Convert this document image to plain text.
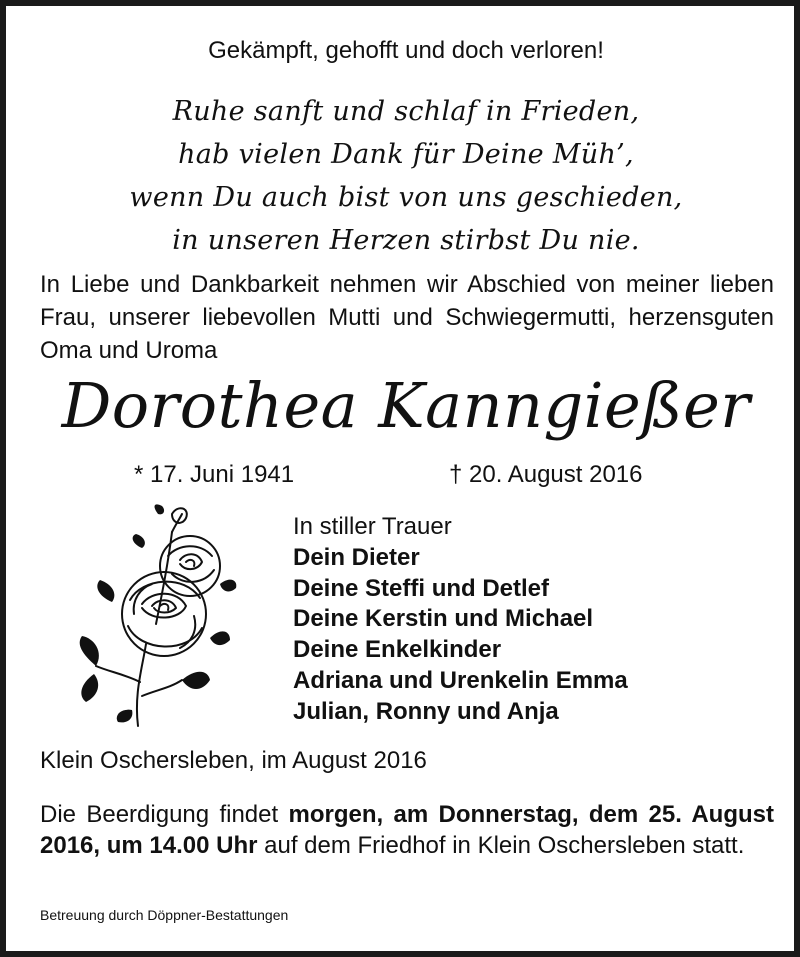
Gekämpft, gehofft und doch verloren!
Ruhe sanft und schlaf in Frieden,
hab vielen Dank für Deine Müh’,
wenn Du auch bist von uns geschieden,
in unseren Herzen stirbst Du nie.
In Liebe und Dankbarkeit nehmen wir Abschied von meiner lieben Frau, unserer liebevollen Mutti und Schwiegermutti, herzensguten Oma und Uroma
Dorothea Kanngießer
* 17. Juni 1941	† 20. August 2016
In stiller Trauer
Dein Dieter
Deine Steffi und Detlef
Deine Kerstin und Michael
Deine Enkelkinder
Adriana und Urenkelin Emma
Julian, Ronny und Anja
Klein Oschersleben, im August 2016
Die Beerdigung findet morgen, am Donnerstag, dem 25. August 2016, um 14.00 Uhr auf dem Friedhof in Klein Oschersleben statt.
Betreuung durch Döppner-Bestattungen
